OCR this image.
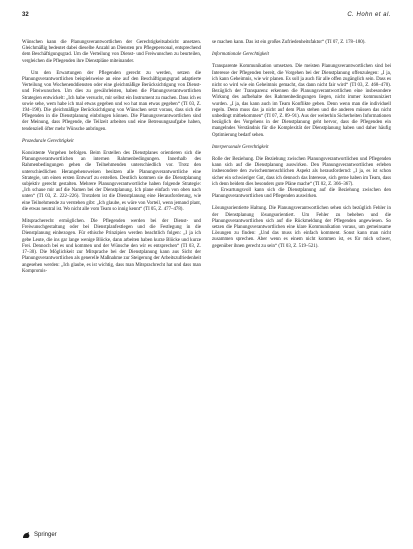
32	C. Hohn et al.

Wünschen kann die Planungsverantwortlichen der Gerechtigkeitsabsicht ansetzen. Gleichmäßig bedeutet dabei dieselbe Anzahl an Diensten pro Pflegepersonal, entsprechend dem Beschäftigungsgrad. Um die Verteilung von Dienst- und Freiwunschen zu beurteilen, vergleichen die Pflegenden ihre Dienstpläne miteinander.

Um den Erwartungen der Pflegenden gerecht zu werden, setzen die Planungsverantwortlichen beispielsweise an eine auf den Beschäftigungsgrad adaptierte Verteilung von Wochenenddiensten oder eine gleichmäßige Berücksichtigung von Dienst- und Freiwunschen. Um dies zu gewährleisten, haben die Planungsverantwortlichen Strategien entwickelt: „Ich habe versucht, mir selbst ein Instrument zu machen. Dass ich es sowie sehe, wem habe ich mal etwas gegeben und wo hat man etwas gegeben“ (TI 03, Z. 194–198). Die gleichmäßige Berücksichtigung von Wünschen setzt voraus, dass sich die Pflegenden in die Dienstplanung einbringen können. Die Planungsverantwortlichen sind der Meinung, dass Pflegende, die Teilzeit arbeiten und eine Betreuungsaufgabe haben, tendenziell öfter mehr Wünsche anbringen.

Prozedurale Gerechtigkeit

Konsistente Vorgehen befolgen. Beim Erstellen des Dienstplanes orientieren sich die Planungsverantwortlichen an internen Rahmenbedingungen. Innerhalb des Rahmenbedingungen gehen die Teilnehmenden unterschiedlich vor. Trotz den unterschiedlichen Herangehensweisen besitzen alle Planungsverantwortliche eine Strategie, um einen ersten Entwurf zu erstellen. Deutlich kommen sie die Dienstplanung subjektiv gerecht gestalten. Mehrere Planungsverantwortliche haben folgende Strategie: „Ich schaue mir auf die Namen bei der Dienstplanung. Ich plane einfach von oben nach unten“ (TI 03, Z. 222–226). Trotzdem ist die Dienstplanung eine Herausforderung, wie eine Teilnehmende zu verstehen gibt: „Ich glaube, es wäre von Vorteil, wenn jemand plant, die etwas neutral ist. Wo nicht alle vom Team so innig kennt“ (TI 05, Z. 477–478).

Mitspracherecht ermöglichen. Die Pflegenden werden bei der Dienst- und Freiwunschgestaltung oder bei Dienstplanfestlegen und die Festlegung in die Dienstplanung einbezogen. Für ethische Prinzipien werden beachtlich folgen: „I ja ich gebe Leute, die ins gar lange wenige Blöcke, dann arbeiten haben kurze Blöcke und kurze Frei. Dennoch bei es und kommen und der Wünsche den wir es entsprechen“ (TI 03, Z. 17–30). Die Möglichkeit zur Mitsprache bei der Dienstplanung kann aus Sicht der Planungsverantwortlichen als generelle Maßnahme zur Steigerung der Arbeitszufriedenheit angesehen werden: „Ich glaube, es ist wichtig, dass man Mitsprachrecht hat und dass man Kompromis-

se machen kann. Das ist ein großes Zufriedenheitsfaktor“ (TI 07, Z. 178–180).

Informationale Gerechtigkeit

Transparente Kommunikation umsetzen. Die meisten Planungsverantwortlichen sind bei Interesse der Pflegenden bereit, die Vorgehen bei der Dienstplanung offenzulegen: „I ja, ich kann Geheimnis, wie wir planen. Es soll ja auch für alle offen zugänglich sein. Dass es nicht so wird wie ein Geheimnis gemacht, das dann nicht fair wird“ (TI 03, Z. 468–470). Bezüglich der Transparenz erkennen die Planungsverantwortlichen eine insbesondere Wirkung des aufbehalte des Rahmenbedingungen liegen, nicht immer kommuniziert wurden. „I ja, das kann auch im Team Konflikte geben. Denn wenn man die individuell regeln. Denn muss das ja nicht auf dem Plan stehen und die anderen müssen das nicht unbedingt mitbekommen“ (TI 07, Z. 89–91). Aus der weiterhin Sicherheiten Informationen bezüglich des Vorgehens in der Dienstplanung geht hervor, dass die Pflegenden ein mangelndes Verständnis für die Komplexität der Dienstplanung haben und daher häufig Optimierung bedarf sehen.

Interpersonale Gerechtigkeit

Rolle der Beziehung. Die Beziehung zwischen Planungsverantwortlichen und Pflegenden kann sich auf die Dienstplanung auswirken. Den Planungsverantwortlichen erleben insbesondere den zwischenmenschlichen Aspekt als herausfordernd: „I ja, es ist schon sicher ein schwieriger Gut, dass ich dennoch das Interesse, sich gerne haben im Team, dass ich denn beidem dies besonders gute Pläne mache“ (TI 02, Z. 366–367).

Erwartungsvoll kann sich die Dienstplanung auf die Beziehung zwischen den Planungsverantwortlichen und Pflegenden auswirken.

Lösungsorientierte Haltung. Die Planungsverantwortlichen sehen sich bezüglich Fehler in der Dienstplanung lösungsorientiert. Um Fehler zu beheben und die Planungsverantwortlichen sich auf die Rückmeldung der Pflegenden angewiesen. So setzen die Planungsverantwortlichen eine klare Kommunikation voraus, um gemeinsame Lösungen zu finden: „Und das muss ich einfach komment. Sonst kann man nicht zusammen sprechen. Aber wenn es einem nicht kommen ist, es für mich schwer, gegenüber ihnen gerecht zu sein“ (TI 03, Z. 519–521).

Springer
